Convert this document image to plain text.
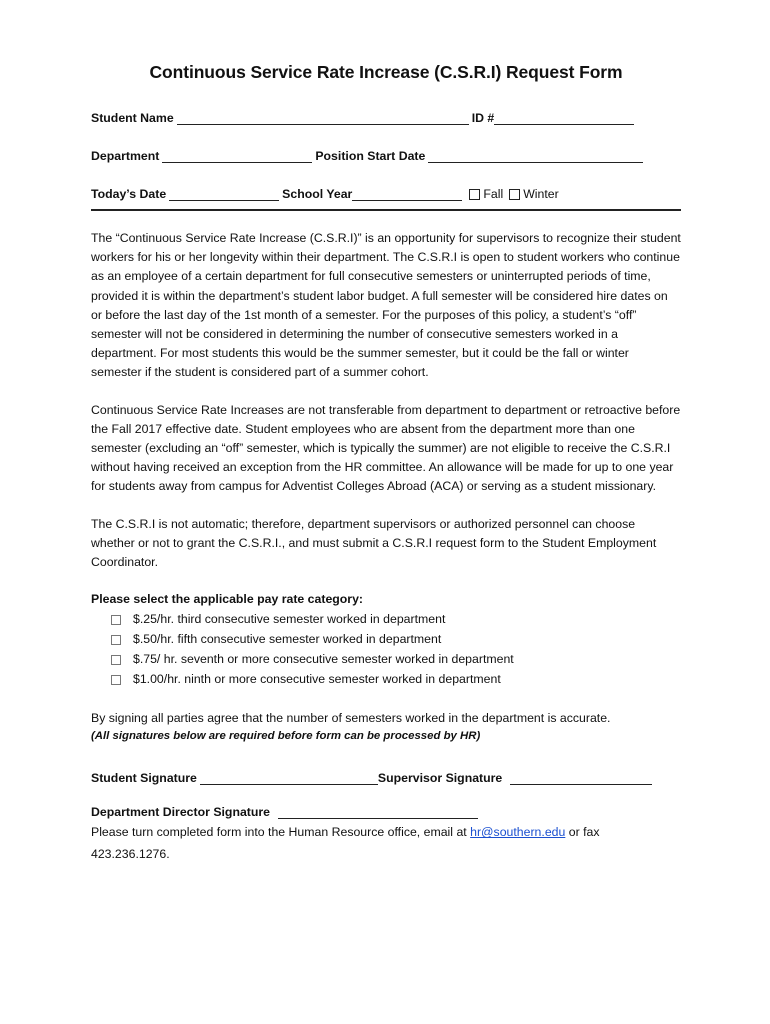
Continuous Service Rate Increase (C.S.R.I) Request Form
Student Name	ID #
Department	Position Start Date
Today’s Date	School Year	Fall Winter

The “Continuous Service Rate Increase (C.S.R.I)” is an opportunity for supervisors to recognize their student workers for his or her longevity within their department. The C.S.R.I is open to student workers who continue as an employee of a certain department for full consecutive semesters or uninterrupted periods of time, provided it is within the department’s student labor budget. A full semester will be considered hire dates on or before the last day of the 1st month of a semester. For the purposes of this policy, a student’s “off” semester will not be considered in determining the number of consecutive semesters worked in a department. For most students this would be the summer semester, but it could be the fall or winter semester if the student is considered part of a summer cohort.

Continuous Service Rate Increases are not transferable from department to department or retroactive before the Fall 2017 effective date. Student employees who are absent from the department more than one semester (excluding an “off” semester, which is typically the summer) are not eligible to receive the C.S.R.I without having received an exception from the HR committee. An allowance will be made for up to one year for students away from campus for Adventist Colleges Abroad (ACA) or serving as a student missionary.

The C.S.R.I is not automatic; therefore, department supervisors or authorized personnel can choose whether or not to grant the C.S.R.I., and must submit a C.S.R.I request form to the Student Employment Coordinator.

Please select the applicable pay rate category:
$.25/hr. third consecutive semester worked in department
$.50/hr. fifth consecutive semester worked in department
$.75/ hr. seventh or more consecutive semester worked in department
$1.00/hr. ninth or more consecutive semester worked in department

By signing all parties agree that the number of semesters worked in the department is accurate.

(All signatures below are required before form can be processed by HR)

Student Signature	Supervisor Signature
Department Director Signature

Please turn completed form into the Human Resource office, email at hr@southern.edu or fax 423.236.1276.
